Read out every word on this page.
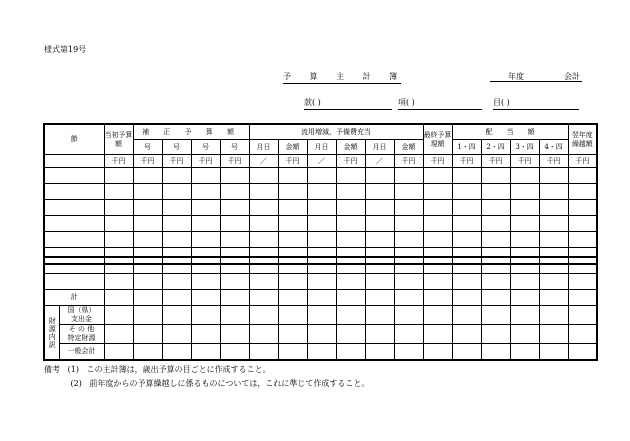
様式第19号
予 算 主 計 簿	年度	会計

款( )	項( )	目( )
節	当初予算額	補 正 予 算 額				流用増減，予備費充当						最終予算現額	配　　当　　額				翌年度繰越額
		号	号	号	号	月日	金額	月日	金額	月日	金額		1・四	2・四	3・四	4・四	
	千円	千円	千円	千円	千円	／	千円	／	千円	／	千円	千円	千円	千円	千円	千円	千円

計																		
財源内訳	国（県）
支出金																	
	そ の 他
特定財源																	
	一般会計																	
備考 (1) この主計簿は，歳出予算の目ごとに作成すること。
(2) 前年度からの予算繰越しに係るものについては，これに準じて作成すること。
